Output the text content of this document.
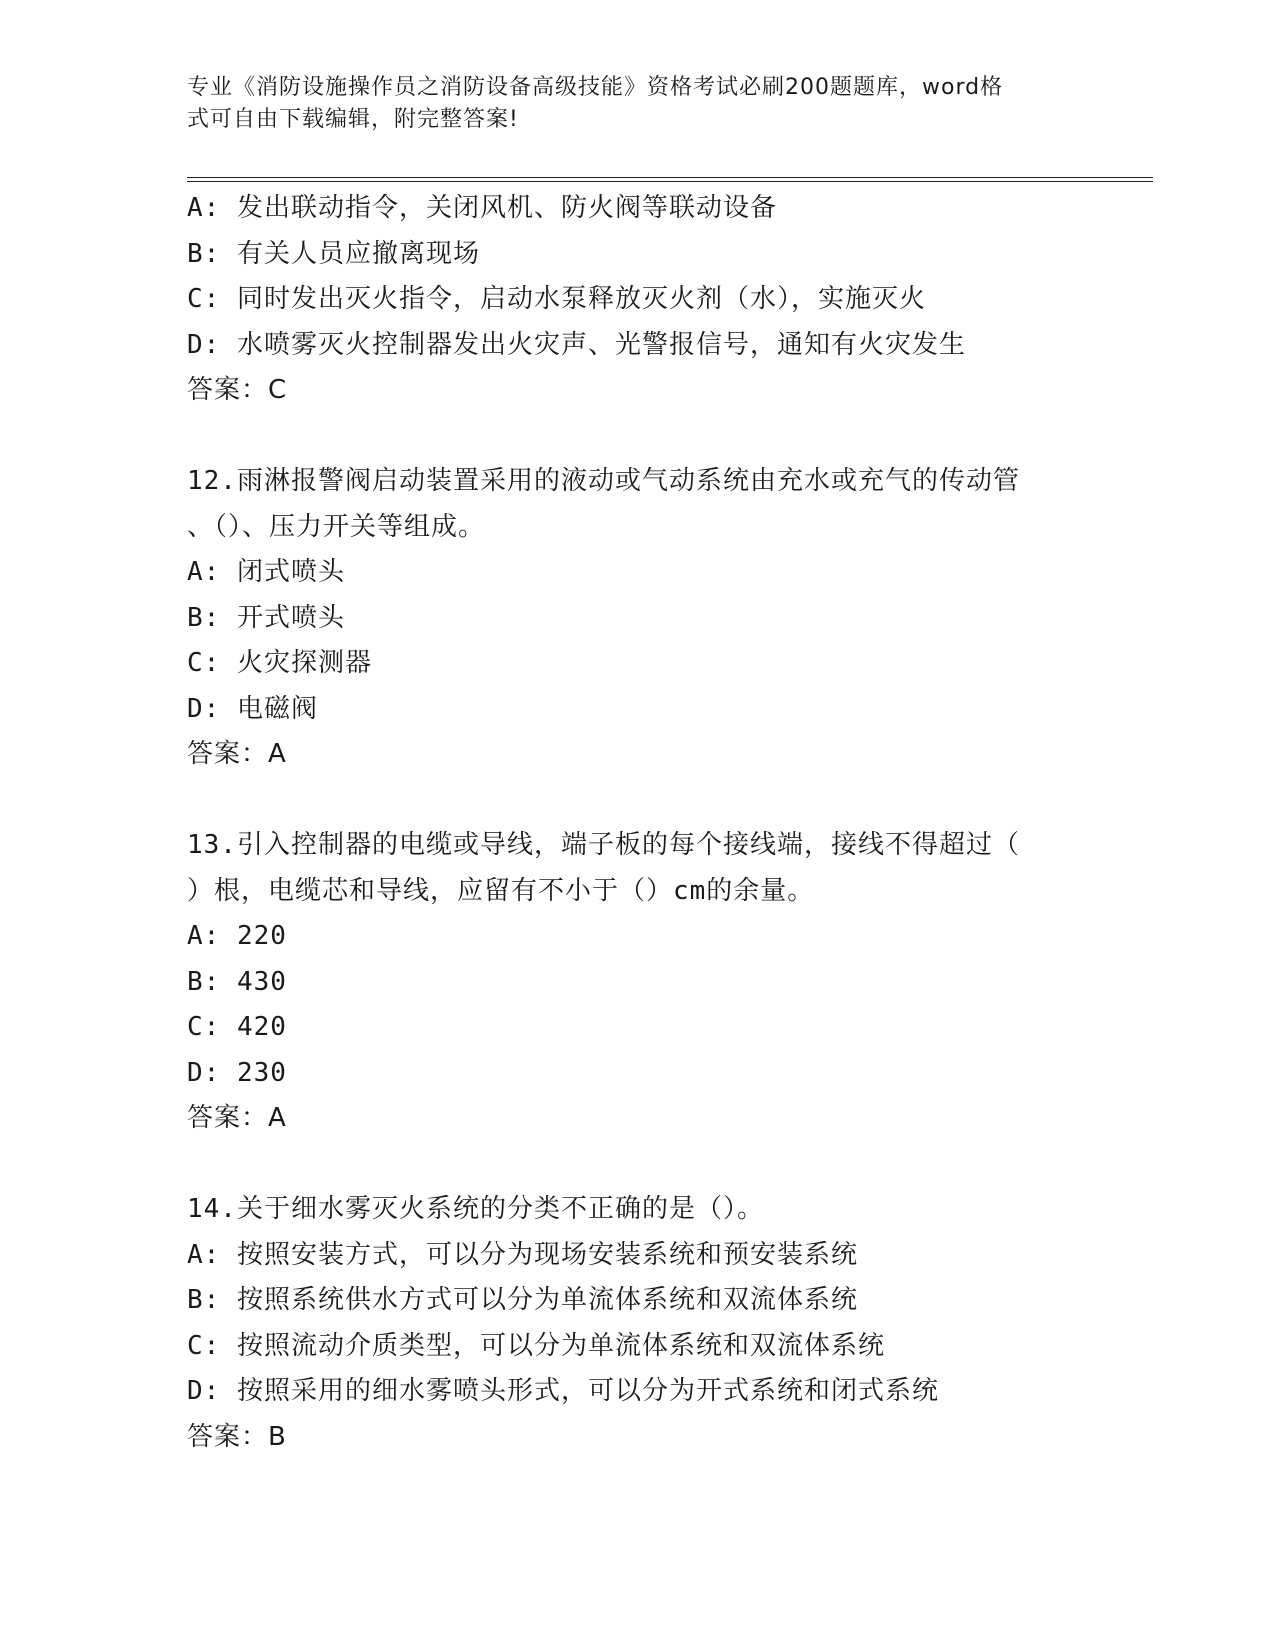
专业《消防设施操作员之消防设备高级技能》资格考试必刷200题题库，word格
式可自由下载编辑，附完整答案!
A: 发出联动指令，关闭风机、防火阀等联动设备
B: 有关人员应撤离现场
C: 同时发出灭火指令，启动水泵释放灭火剂（水），实施灭火
D: 水喷雾灭火控制器发出火灾声、光警报信号，通知有火灾发生
答案：C
12.雨淋报警阀启动装置采用的液动或气动系统由充水或充气的传动管
、（）、压力开关等组成。
A: 闭式喷头
B: 开式喷头
C: 火灾探测器
D: 电磁阀
答案：A
13.引入控制器的电缆或导线，端子板的每个接线端，接线不得超过（
）根，电缆芯和导线，应留有不小于（）cm的余量。
A: 220
B: 430
C: 420
D: 230
答案：A
14.关于细水雾灭火系统的分类不正确的是（）。
A: 按照安装方式，可以分为现场安装系统和预安装系统
B: 按照系统供水方式可以分为单流体系统和双流体系统
C: 按照流动介质类型，可以分为单流体系统和双流体系统
D: 按照采用的细水雾喷头形式，可以分为开式系统和闭式系统
答案：B
